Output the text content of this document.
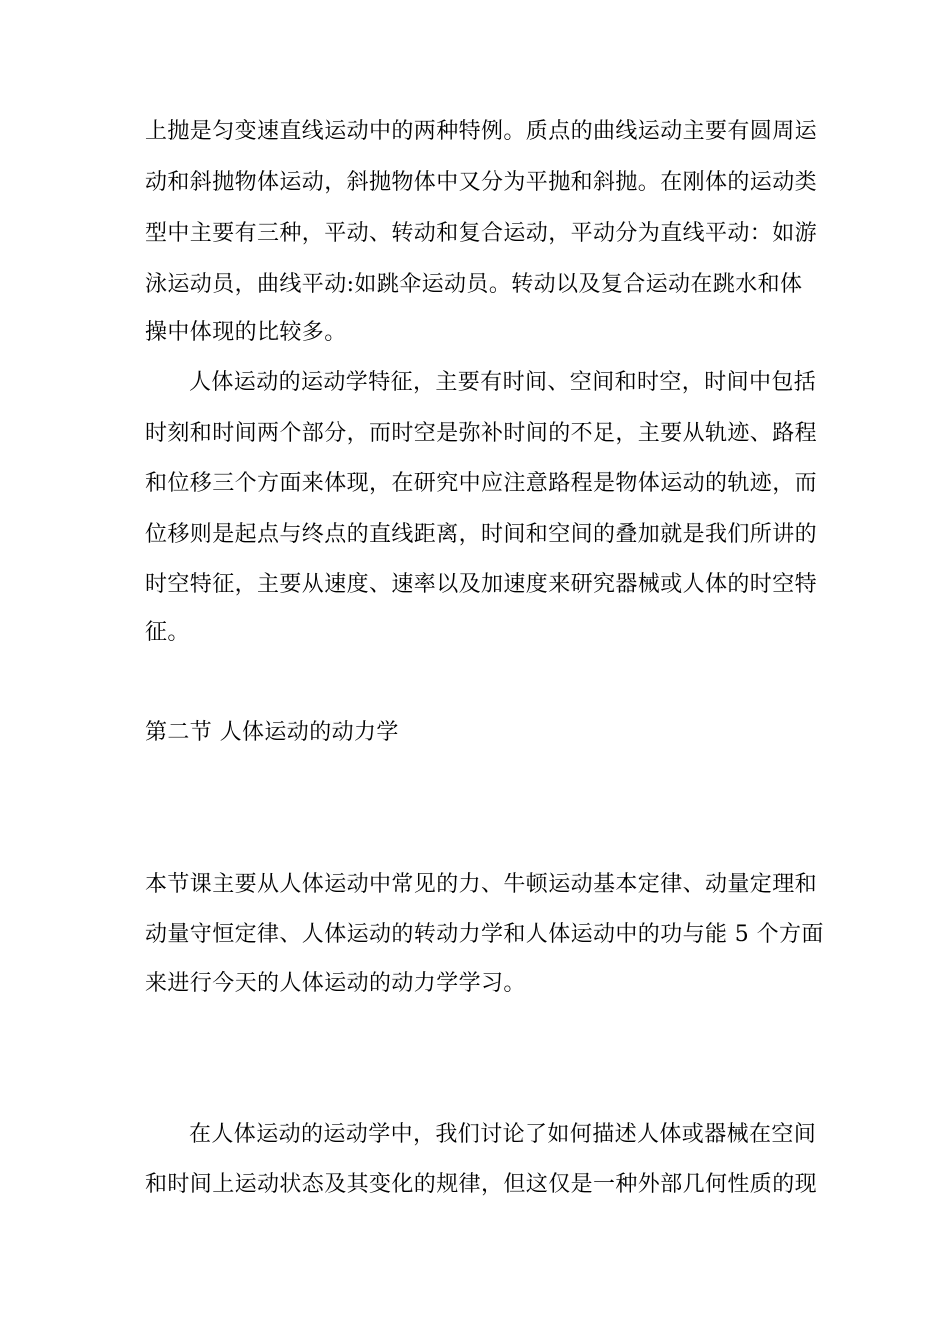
上抛是匀变速直线运动中的两种特例。质点的曲线运动主要有圆周运
动和斜抛物体运动，斜抛物体中又分为平抛和斜抛。在刚体的运动类
型中主要有三种，平动、转动和复合运动，平动分为直线平动：如游
泳运动员，曲线平动:如跳伞运动员。转动以及复合运动在跳水和体
操中体现的比较多。
人体运动的运动学特征，主要有时间、空间和时空，时间中包括
时刻和时间两个部分，而时空是弥补时间的不足，主要从轨迹、路程
和位移三个方面来体现，在研究中应注意路程是物体运动的轨迹，而
位移则是起点与终点的直线距离，时间和空间的叠加就是我们所讲的
时空特征，主要从速度、速率以及加速度来研究器械或人体的时空特
征。
第二节 人体运动的动力学
本节课主要从人体运动中常见的力、牛顿运动基本定律、动量定理和
动量守恒定律、人体运动的转动力学和人体运动中的功与能 5 个方面
来进行今天的人体运动的动力学学习。
在人体运动的运动学中，我们讨论了如何描述人体或器械在空间
和时间上运动状态及其变化的规律，但这仅是一种外部几何性质的现
